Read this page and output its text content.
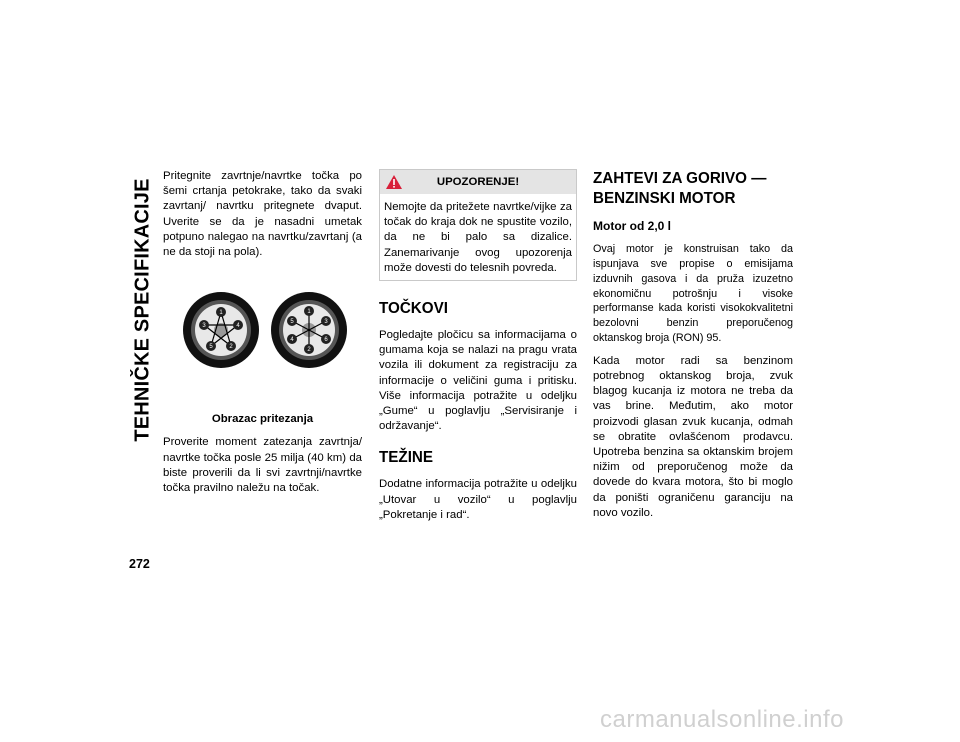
TEHNIČKE SPECIFIKACIJE
272

Pritegnite zavrtnje/navrtke točka po šemi crtanja petokrake, tako da svaki zavrtanj/ navrtku pritegnete dvaput. Uverite se da je nasadni umetak potpuno nalegao na navrtku/zavrtanj (a ne da stoji na pola).

1
2
3	4
5
1
2
3
4
5
6
Obrazac pritezanja

Proverite moment zatezanja zavrtnja/ navrtke točka posle 25 milja (40 km) da biste proverili da li svi zavrtnji/navrtke točka pravilno naležu na točak.

UPOZORENJE!
Nemojte da pritežete navrtke/vijke za točak do kraja dok ne spustite vozilo, da ne bi palo sa dizalice. Zanemarivanje ovog upozorenja može dovesti do telesnih povreda.
TOČKOVI

Pogledajte pločicu sa informacijama o gumama koja se nalazi na pragu vrata vozila ili dokument za registraciju za informacije o veličini guma i pritisku. Više informacija potražite u odeljku „Gume“ u poglavlju „Servisiranje i održavanje“.

TEŽINE

Dodatne informacija potražite u odeljku „Utovar u vozilo“ u poglavlju „Pokretanje i rad“.

ZAHTEVI ZA GORIVO — BENZINSKI MOTOR
Motor od 2,0 l

Ovaj motor je konstruisan tako da ispunjava sve propise o emisijama izduvnih gasova i da pruža izuzetno ekonomičnu potrošnju i visoke performanse kada koristi visokokvalitetni bezolovni benzin preporučenog oktanskog broja (RON) 95.

Kada motor radi sa benzinom potrebnog oktanskog broja, zvuk blagog kucanja iz motora ne treba da vas brine. Međutim, ako motor proizvodi glasan zvuk kucanja, odmah se obratite ovlašćenom prodavcu. Upotreba benzina sa oktanskim brojem nižim od preporučenog može da dovede do kvara motora, što bi moglo da poništi ograničenu garanciju na novo vozilo.

carmanualsonline.info
